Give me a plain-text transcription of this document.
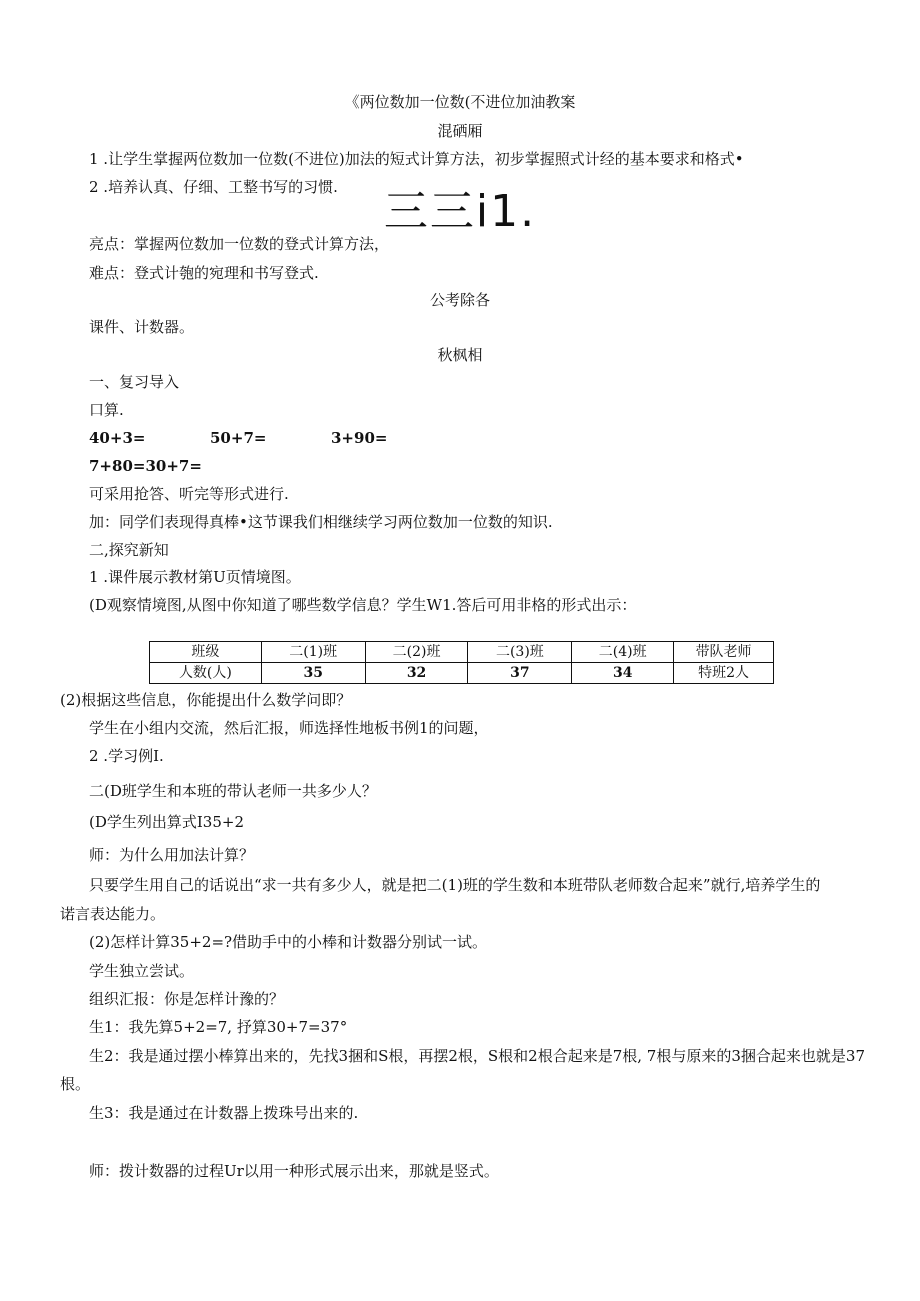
《两位数加一位数(不进位加油教案
混硒厢
1 .让学生掌握两位数加一位数(不进位)加法的短式计算方法，初步掌握照式计经的基本要求和格式•
2 .培养认真、仔细、工整书写的习惯.	三三i1.
亮点：掌握两位数加一位数的登式计算方法，
难点：登式计匏的宛理和书写登式.
公考除各
课件、计数器。
秋枫相
一、复习导入
口算.
40+3=	50+7=	3+90=
7+80=30+7=
可采用抢答、听完等形式进行.
加：同学们表现得真棒•这节课我们相继续学习两位数加一位数的知识.
二,探究新知
1 .课件展示教材第U页情境图。
(D观察情境图,从图中你知道了哪些数学信息？学生W1.答后可用非格的形式出示：
班级	二(1)班	二(2)班	二(3)班	二(4)班	带队老师
人数(人)	35	32	37	34	特班2人
(2)根据这些信息，你能提出什么数学问即？
学生在小组内交流，然后汇报，师选择性地板书例1的问题，
2 .学习例I.
二(D班学生和本班的带认老师一共多少人？
(D学生列出算式I35+2
师：为什么用加法计算？
只要学生用自己的话说出“求一共有多少人，就是把二(1)班的学生数和本班带队老师数合起来”就行,培养学生的
诺言表达能力。
(2)怎样计算35+2=?借助手中的小棒和计数器分别试一试。
学生独立尝试。
组织汇报：你是怎样计豫的？
生1：我先算5+2=7, 抒算30+7=37°
生2：我是通过摆小棒算出来的，先找3捆和S根，再摆2根，S根和2根合起来是7根, 7根与原来的3捆合起来也就是37
根。
生3：我是通过在计数器上拨珠号出来的.
师：拨计数器的过程Ur以用一种形式展示出来，那就是竖式。
